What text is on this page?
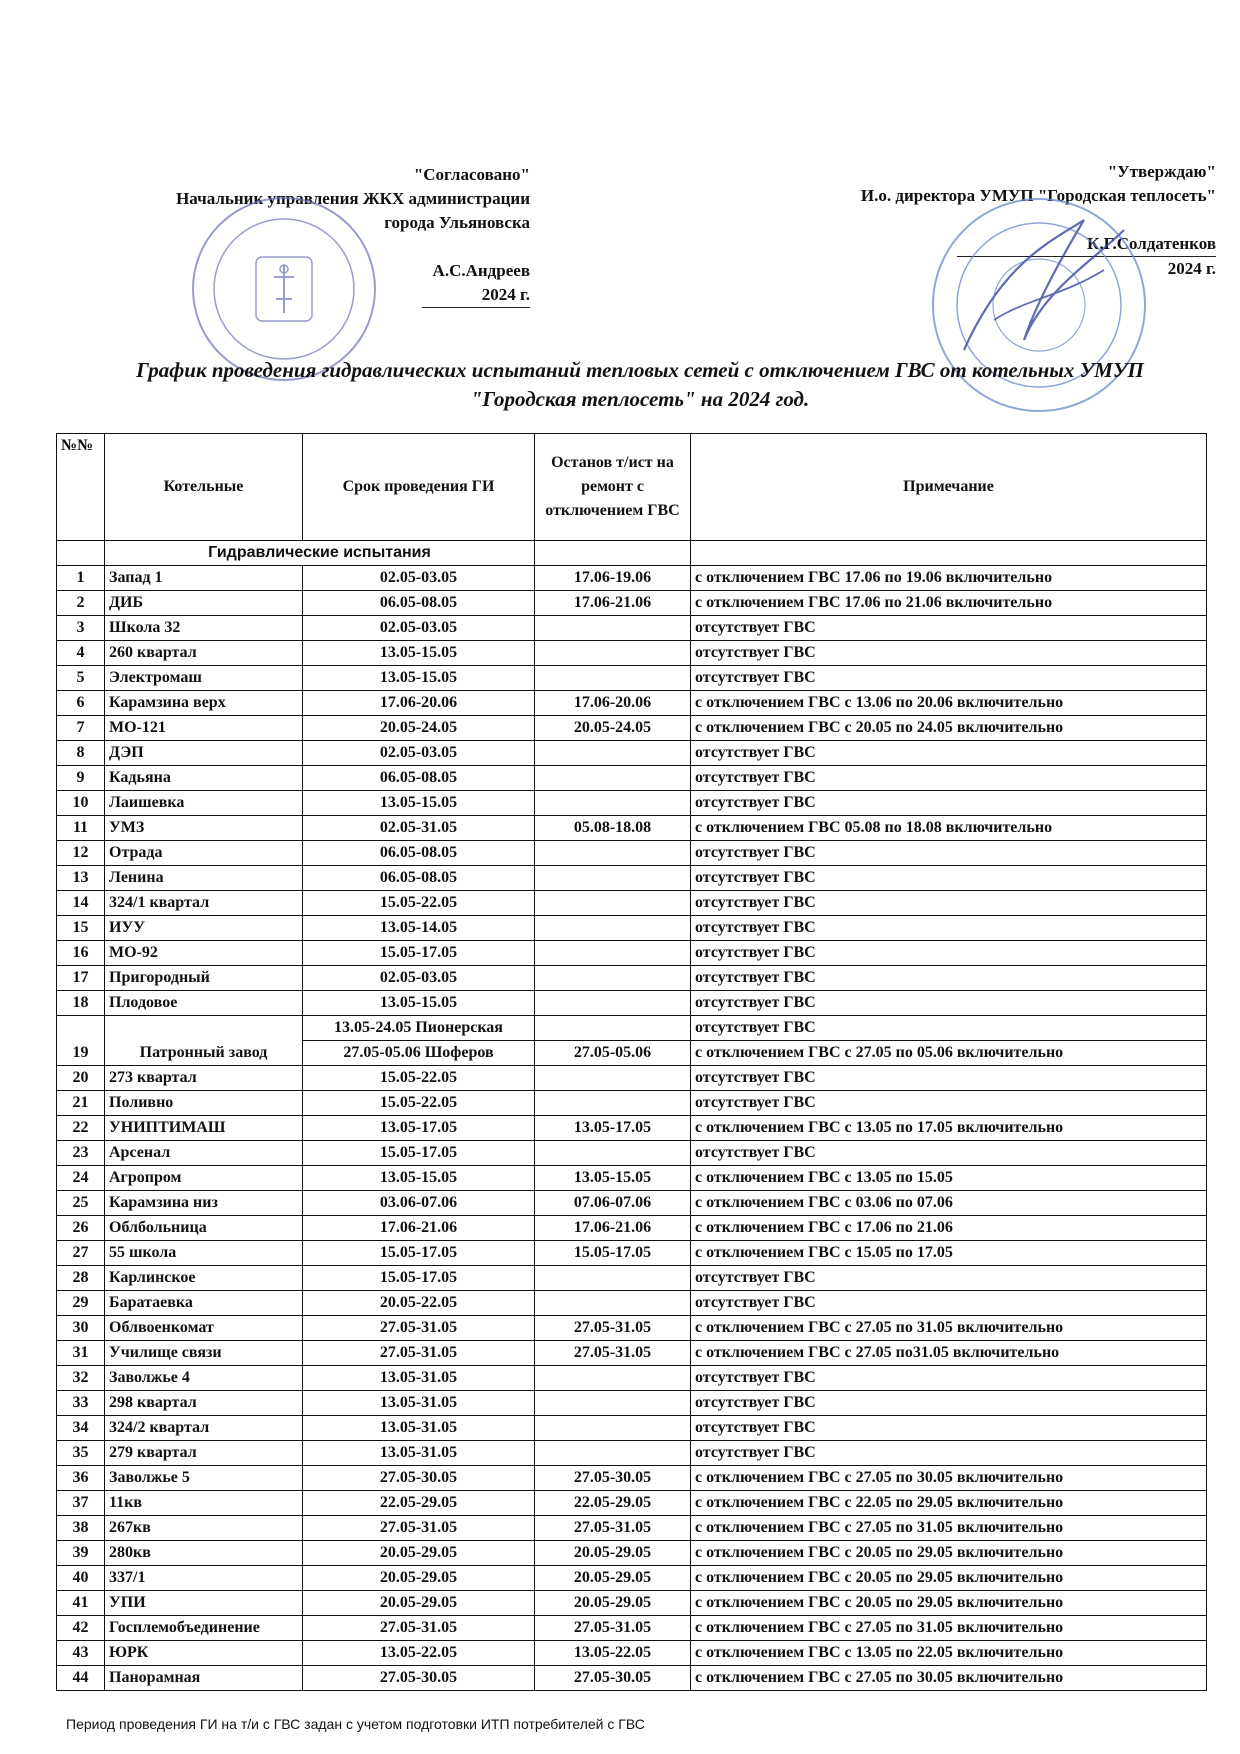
"Согласовано"
Начальник управления ЖКХ администрации
города Ульяновска
А.С.Андреев
2024 г.
"Утверждаю"
И.о. директора УМУП "Городская теплосеть"
К.Г.Солдатенков
2024 г.
График проведения гидравлических испытаний тепловых сетей с отключением ГВС от котельных УМУП
"Городская теплосеть" на 2024 год.
№№	Котельные	Срок проведения ГИ	Останов т/ист на ремонт с отключением ГВС	Примечание
	Гидравлические испытания			
1	Запад 1	02.05-03.05	17.06-19.06	с отключением ГВС 17.06 по 19.06 включительно
2	ДИБ	06.05-08.05	17.06-21.06	с отключением ГВС 17.06 по 21.06 включительно
3	Школа 32	02.05-03.05		отсутствует ГВС
4	260 квартал	13.05-15.05		отсутствует ГВС
5	Электромаш	13.05-15.05		отсутствует ГВС
6	Карамзина верх	17.06-20.06	17.06-20.06	с отключением ГВС с 13.06 по 20.06 включительно
7	МО-121	20.05-24.05	20.05-24.05	с отключением ГВС с 20.05 по 24.05 включительно
8	ДЭП	02.05-03.05		отсутствует ГВС
9	Кадьяна	06.05-08.05		отсутствует ГВС
10	Лаишевка	13.05-15.05		отсутствует ГВС
11	УМЗ	02.05-31.05	05.08-18.08	с отключением ГВС 05.08 по 18.08 включительно
12	Отрада	06.05-08.05		отсутствует ГВС
13	Ленина	06.05-08.05		отсутствует ГВС
14	324/1 квартал	15.05-22.05		отсутствует ГВС
15	ИУУ	13.05-14.05		отсутствует ГВС
16	МО-92	15.05-17.05		отсутствует ГВС
17	Пригородный	02.05-03.05		отсутствует ГВС
18	Плодовое	13.05-15.05		отсутствует ГВС
19	Патронный завод	13.05-24.05 Пионерская		отсутствует ГВС
		27.05-05.06 Шоферов	27.05-05.06	с отключением ГВС с 27.05 по 05.06 включительно
20	273 квартал	15.05-22.05		отсутствует ГВС
21	Поливно	15.05-22.05		отсутствует ГВС
22	УНИПТИМАШ	13.05-17.05	13.05-17.05	с отключением ГВС с 13.05 по 17.05 включительно
23	Арсенал	15.05-17.05		отсутствует ГВС
24	Агропром	13.05-15.05	13.05-15.05	с отключением ГВС с 13.05 по 15.05
25	Карамзина низ	03.06-07.06	07.06-07.06	с отключением ГВС с 03.06 по 07.06
26	Облбольница	17.06-21.06	17.06-21.06	с отключением ГВС с 17.06 по 21.06
27	55 школа	15.05-17.05	15.05-17.05	с отключением ГВС с 15.05 по 17.05
28	Карлинское	15.05-17.05		отсутствует ГВС
29	Баратаевка	20.05-22.05		отсутствует ГВС
30	Облвоенкомат	27.05-31.05	27.05-31.05	с отключением ГВС с 27.05 по 31.05 включительно
31	Училище связи	27.05-31.05	27.05-31.05	с отключением ГВС с 27.05 по31.05 включительно
32	Заволжье 4	13.05-31.05		отсутствует ГВС
33	298 квартал	13.05-31.05		отсутствует ГВС
34	324/2 квартал	13.05-31.05		отсутствует ГВС
35	279 квартал	13.05-31.05		отсутствует ГВС
36	Заволжье 5	27.05-30.05	27.05-30.05	с отключением ГВС с 27.05 по 30.05 включительно
37	11кв	22.05-29.05	22.05-29.05	с отключением ГВС с 22.05 по 29.05 включительно
38	267кв	27.05-31.05	27.05-31.05	с отключением ГВС с 27.05 по 31.05 включительно
39	280кв	20.05-29.05	20.05-29.05	с отключением ГВС с 20.05 по 29.05 включительно
40	337/1	20.05-29.05	20.05-29.05	с отключением ГВС с 20.05 по 29.05 включительно
41	УПИ	20.05-29.05	20.05-29.05	с отключением ГВС с 20.05 по 29.05 включительно
42	Госплемобъединение	27.05-31.05	27.05-31.05	с отключением ГВС с 27.05 по 31.05 включительно
43	ЮРК	13.05-22.05	13.05-22.05	с отключением ГВС с 13.05 по 22.05 включительно
44	Панорамная	27.05-30.05	27.05-30.05	с отключением ГВС с 27.05 по 30.05 включительно
Период проведения ГИ на т/и с ГВС задан с учетом подготовки ИТП потребителей с ГВС
